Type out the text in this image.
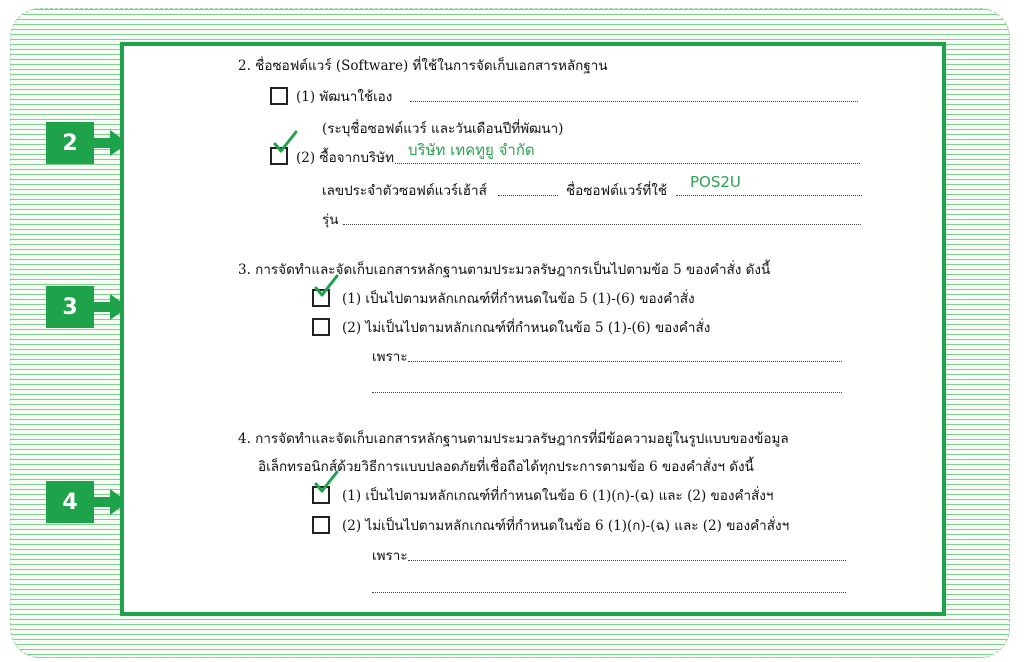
2
3
4
2. ชื่อซอฟต์แวร์ (Software) ที่ใช้ในการจัดเก็บเอกสารหลักฐาน
(1) พัฒนาใช้เอง
(ระบุชื่อซอฟต์แวร์ และวันเดือนปีที่พัฒนา)
(2) ซื้อจากบริษัท บริษัท เทคทูยู จำกัด
เลขประจำตัวซอฟต์แวร์เฮ้าส์	ชื่อซอฟต์แวร์ที่ใช้ POS2U
รุ่น
3. การจัดทำและจัดเก็บเอกสารหลักฐานตามประมวลรัษฎากรเป็นไปตามข้อ 5 ของคำสั่ง ดังนี้
(1) เป็นไปตามหลักเกณฑ์ที่กำหนดในข้อ 5 (1)-(6) ของคำสั่ง
(2) ไม่เป็นไปตามหลักเกณฑ์ที่กำหนดในข้อ 5 (1)-(6) ของคำสั่ง
เพราะ
4. การจัดทำและจัดเก็บเอกสารหลักฐานตามประมวลรัษฎากรที่มีข้อความอยู่ในรูปแบบของข้อมูล
อิเล็กทรอนิกส์ด้วยวิธีการแบบปลอดภัยที่เชื่อถือได้ทุกประการตามข้อ 6 ของคำสั่งฯ ดังนี้
(1) เป็นไปตามหลักเกณฑ์ที่กำหนดในข้อ 6 (1)(ก)-(ฉ) และ (2) ของคำสั่งฯ
(2) ไม่เป็นไปตามหลักเกณฑ์ที่กำหนดในข้อ 6 (1)(ก)-(ฉ) และ (2) ของคำสั่งฯ
เพราะ
